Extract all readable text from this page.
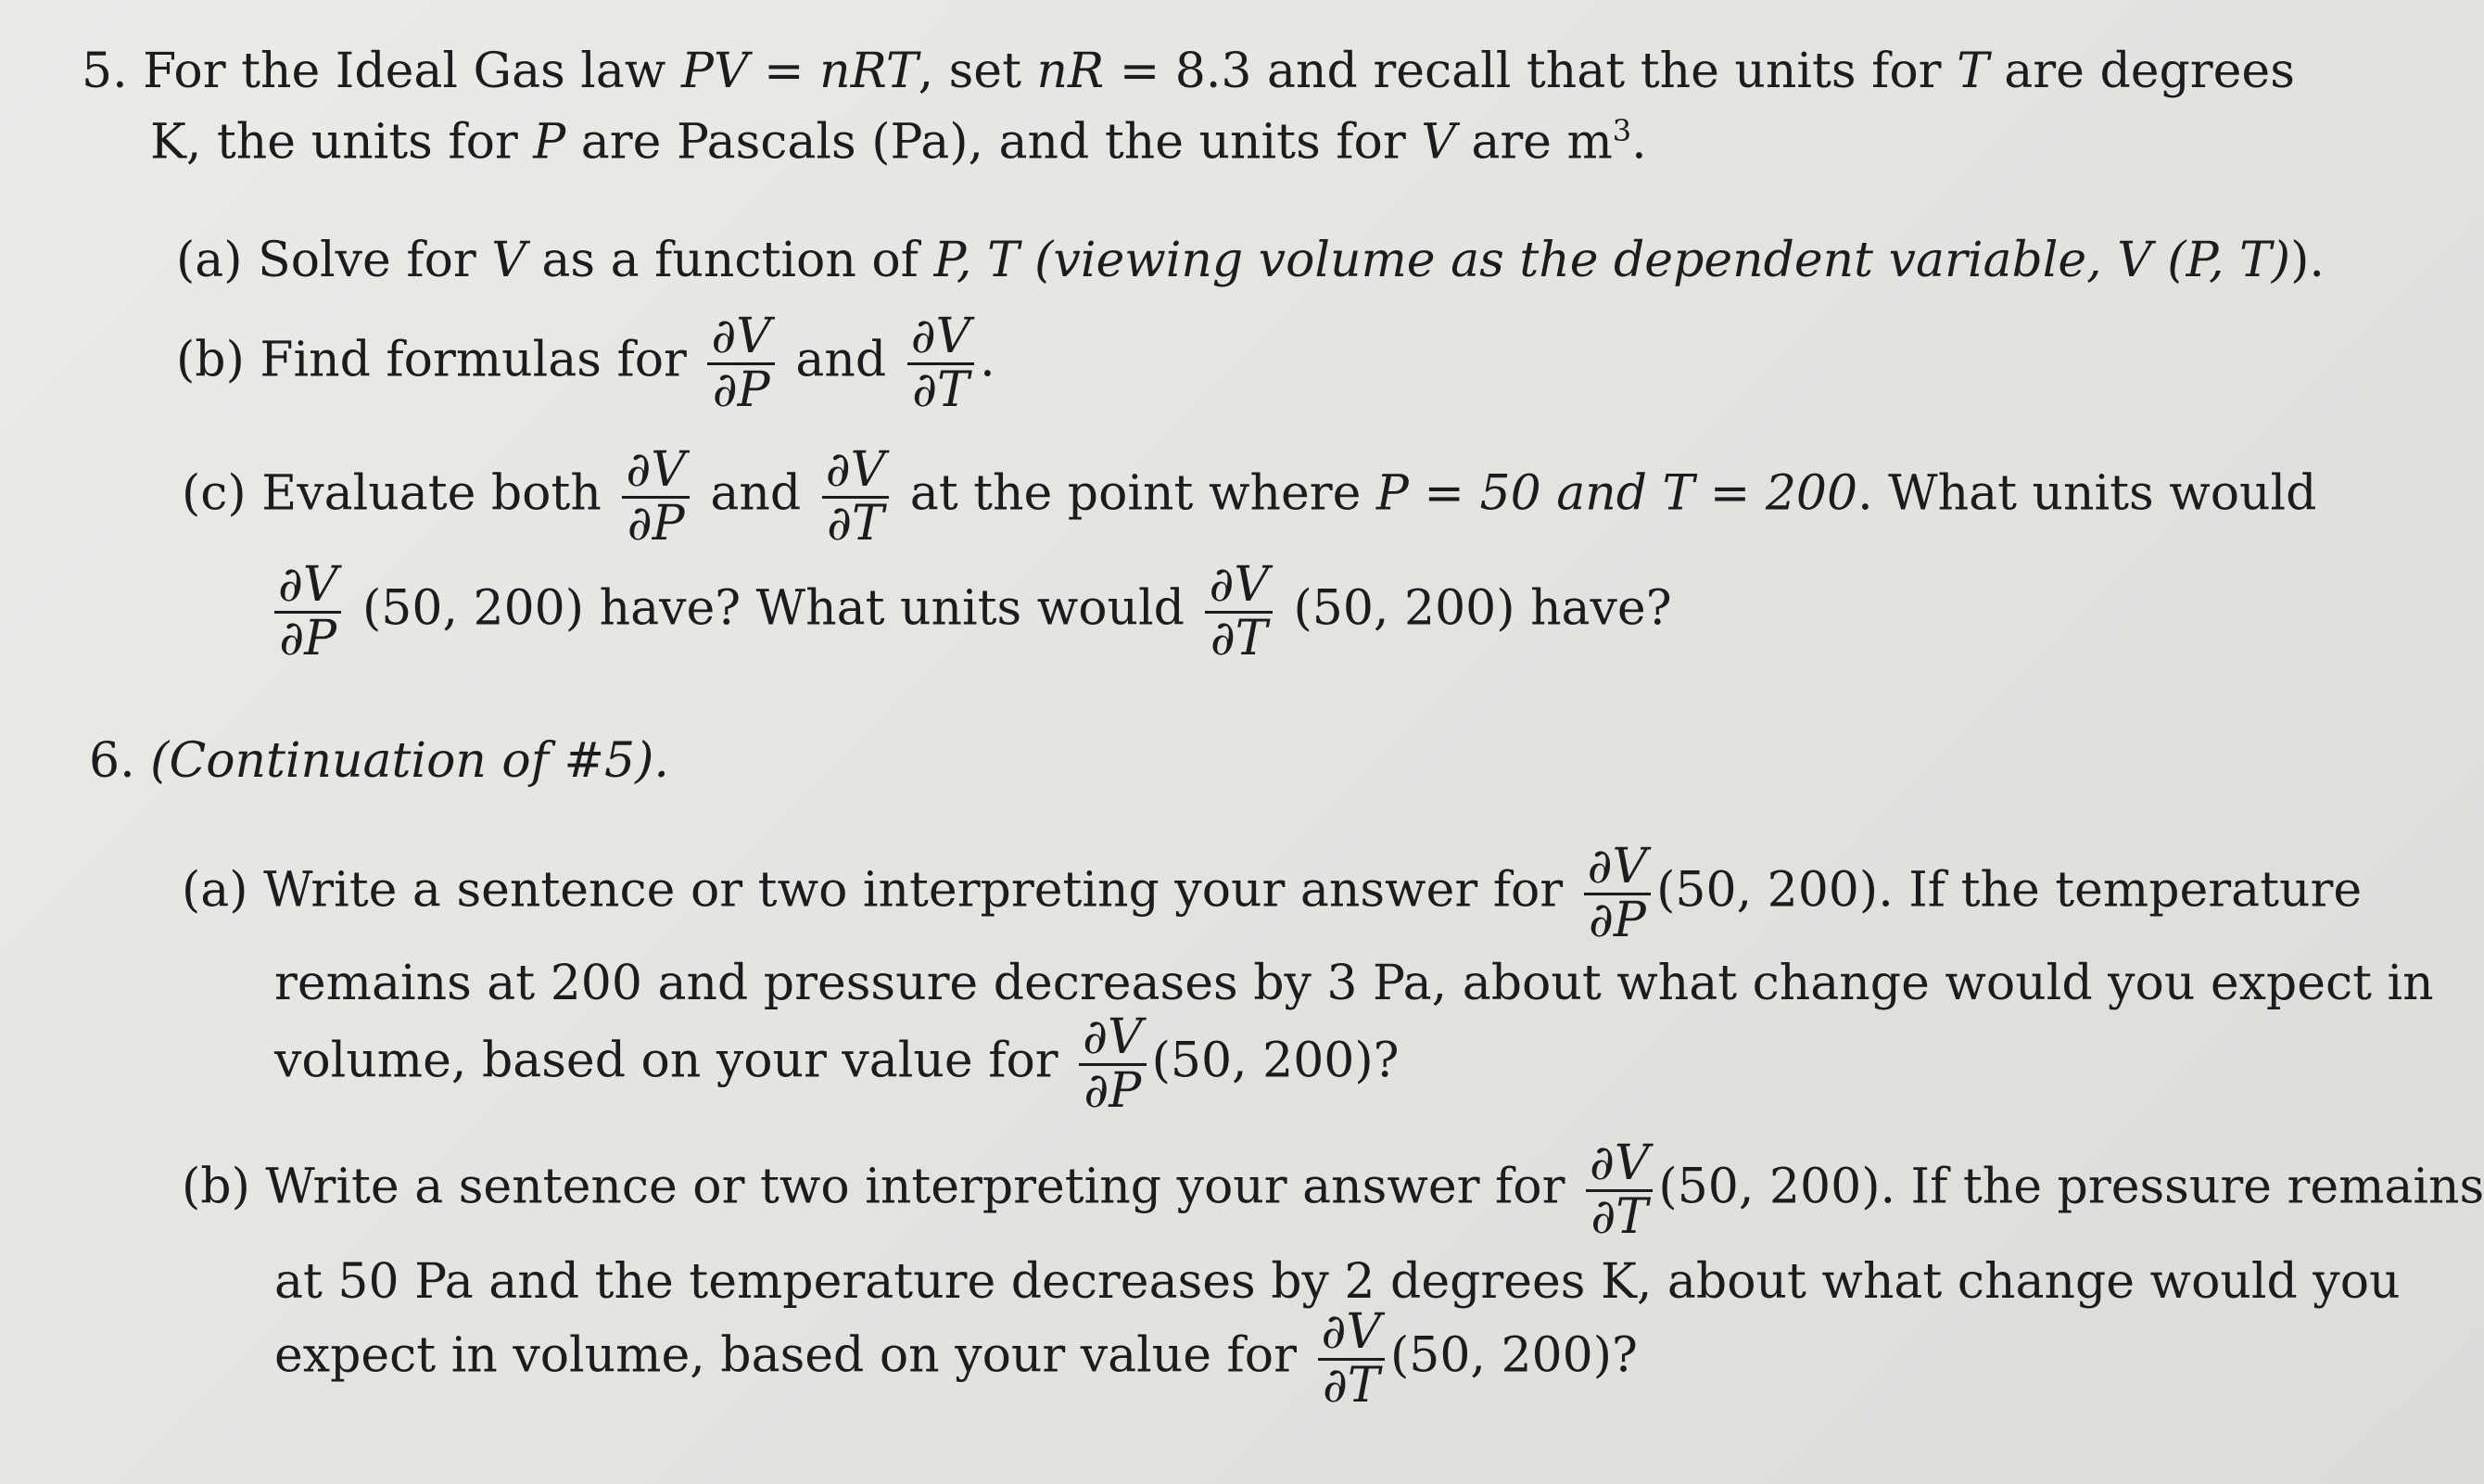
5. For the Ideal Gas law PV = nRT, set nR = 8.3 and recall that the units for T are degrees
K, the units for P are Pascals (Pa), and the units for V are $m^3$.
(a) Solve for V as a function of P, T (viewing volume as the dependent variable, V (P, T)).
(b) Find formulas for $\frac{\partial V}{\partial P}$ and $\frac{\partial V}{\partial T}$ .
(c) Evaluate both $\frac{\partial V}{\partial P}$ and $\frac{\partial V}{\partial T}$ at the point where P = 50 and T = 200. What units would
$\frac{\partial V}{\partial P} (50$, 200) have? What units would $\frac{\partial V}{\partial T} (50$, 200) have?
6. (Continuation of #5).
(a) Write a sentence or two interpreting your answer for $\frac{\partial V}{\partial P} (50$, 200). If the temperature
remains at 200 and pressure decreases by 3 Pa, about what change would you expect in
volume, based on your value for $\frac{\partial V}{\partial P} (50$, 200)?
(b) Write a sentence or two interpreting your answer for $\frac{\partial V}{\partial T} (50$, 200). If the pressure remains
at 50 Pa and the temperature decreases by 2 degrees K, about what change would you
expect in volume, based on your value for $\frac{\partial V}{\partial T} (50$, 200)?
